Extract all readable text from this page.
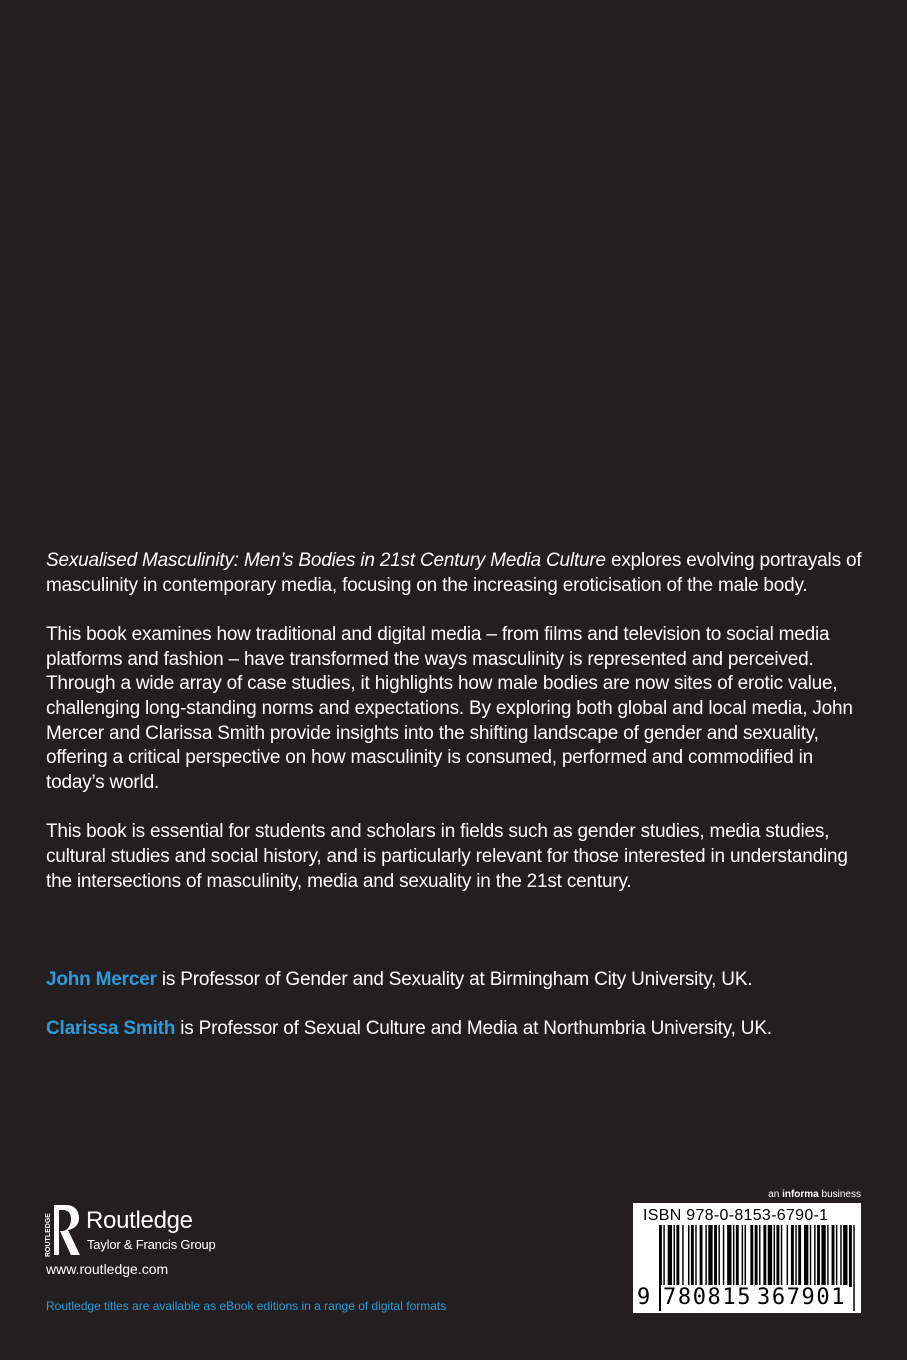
Sexualised Masculinity: Men’s Bodies in 21st Century Media Culture explores evolving portrayals of masculinity in contemporary media, focusing on the increasing eroticisation of the male body.

This book examines how traditional and digital media – from films and television to social media platforms and fashion – have transformed the ways masculinity is represented and perceived. Through a wide array of case studies, it highlights how male bodies are now sites of erotic value, challenging long-standing norms and expectations. By exploring both global and local media, John Mercer and Clarissa Smith provide insights into the shifting landscape of gender and sexuality, offering a critical perspective on how masculinity is consumed, performed and commodified in today’s world.

This book is essential for students and scholars in fields such as gender studies, media studies, cultural studies and social history, and is particularly relevant for those interested in understanding the intersections of masculinity, media and sexuality in the 21st century.

John Mercer is Professor of Gender and Sexuality at Birmingham City University, UK.

Clarissa Smith is Professor of Sexual Culture and Media at Northumbria University, UK.

ROUTLEDGE Routledge
Taylor & Francis Group
www.routledge.com
Routledge titles are available as eBook editions in a range of digital formats
an informa business
ISBN 978-0-8153-6790-1
9 780815 367901
